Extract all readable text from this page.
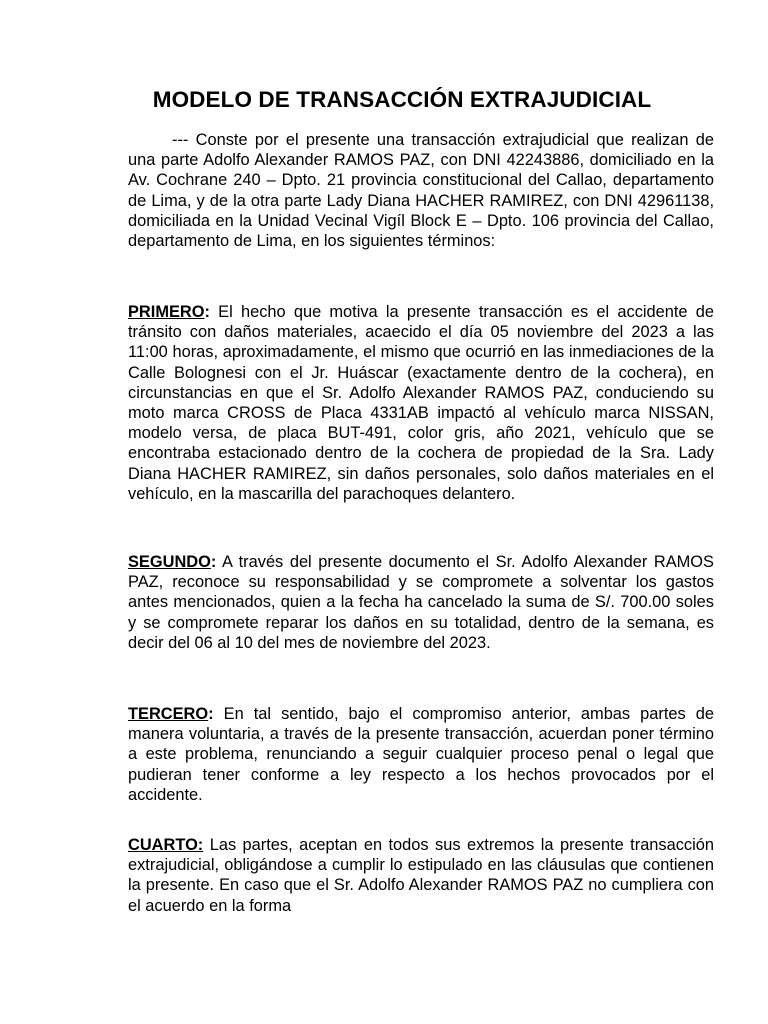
MODELO DE TRANSACCIÓN EXTRAJUDICIAL

--- Conste por el presente una transacción extrajudicial que realizan de una parte Adolfo Alexander RAMOS PAZ, con DNI 42243886, domiciliado en la Av. Cochrane 240 – Dpto. 21 provincia constitucional del Callao, departamento de Lima, y de la otra parte Lady Diana HACHER RAMIREZ, con DNI 42961138, domiciliada en la Unidad Vecinal Vigíl Block E – Dpto. 106 provincia del Callao, departamento de Lima, en los siguientes términos:

PRIMERO: El hecho que motiva la presente transacción es el accidente de tránsito con daños materiales, acaecido el día 05 noviembre del 2023 a las 11:00 horas, aproximadamente, el mismo que ocurrió en las inmediaciones de la Calle Bolognesi con el Jr. Huáscar (exactamente dentro de la cochera), en circunstancias en que el Sr. Adolfo Alexander RAMOS PAZ, conduciendo su moto marca CROSS de Placa 4331AB impactó al vehículo marca NISSAN, modelo versa, de placa BUT-491, color gris, año 2021, vehículo que se encontraba estacionado dentro de la cochera de propiedad de la Sra. Lady Diana HACHER RAMIREZ, sin daños personales, solo daños materiales en el vehículo, en la mascarilla del parachoques delantero.

SEGUNDO: A través del presente documento el Sr. Adolfo Alexander RAMOS PAZ, reconoce su responsabilidad y se compromete a solventar los gastos antes mencionados, quien a la fecha ha cancelado la suma de S/. 700.00 soles y se compromete reparar los daños en su totalidad, dentro de la semana, es decir del 06 al 10 del mes de noviembre del 2023.

TERCERO: En tal sentido, bajo el compromiso anterior, ambas partes de manera voluntaria, a través de la presente transacción, acuerdan poner término a este problema, renunciando a seguir cualquier proceso penal o legal que pudieran tener conforme a ley respecto a los hechos provocados por el accidente.

CUARTO: Las partes, aceptan en todos sus extremos la presente transacción extrajudicial, obligándose a cumplir lo estipulado en las cláusulas que contienen la presente. En caso que el Sr. Adolfo Alexander RAMOS PAZ no cumpliera con el acuerdo en la forma
